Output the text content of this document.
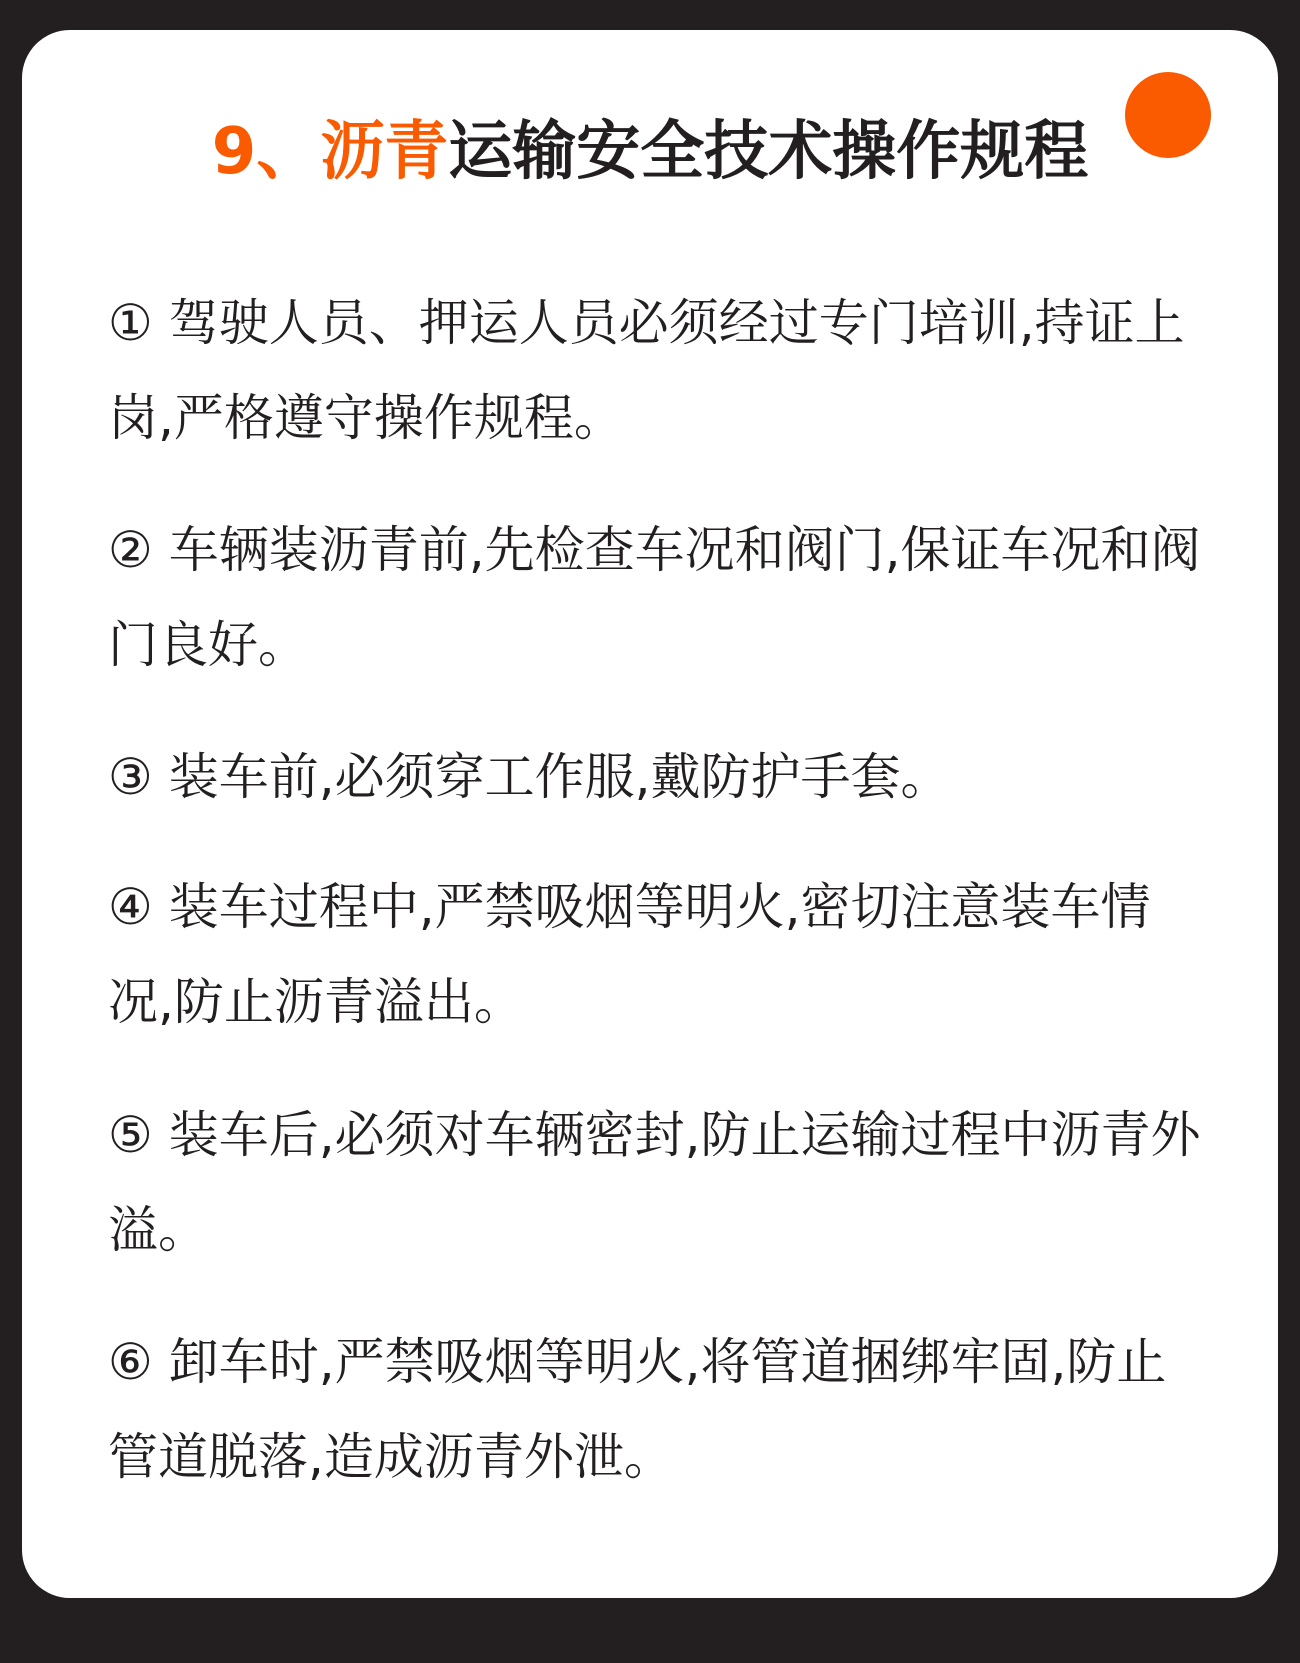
9、沥青运输安全技术操作规程

① 驾驶人员、押运人员必须经过专门培训,持证上岗,严格遵守操作规程。

② 车辆装沥青前,先检查车况和阀门,保证车况和阀门良好。

③ 装车前,必须穿工作服,戴防护手套。

④ 装车过程中,严禁吸烟等明火,密切注意装车情况,防止沥青溢出。

⑤ 装车后,必须对车辆密封,防止运输过程中沥青外溢。

⑥ 卸车时,严禁吸烟等明火,将管道捆绑牢固,防止管道脱落,造成沥青外泄。
